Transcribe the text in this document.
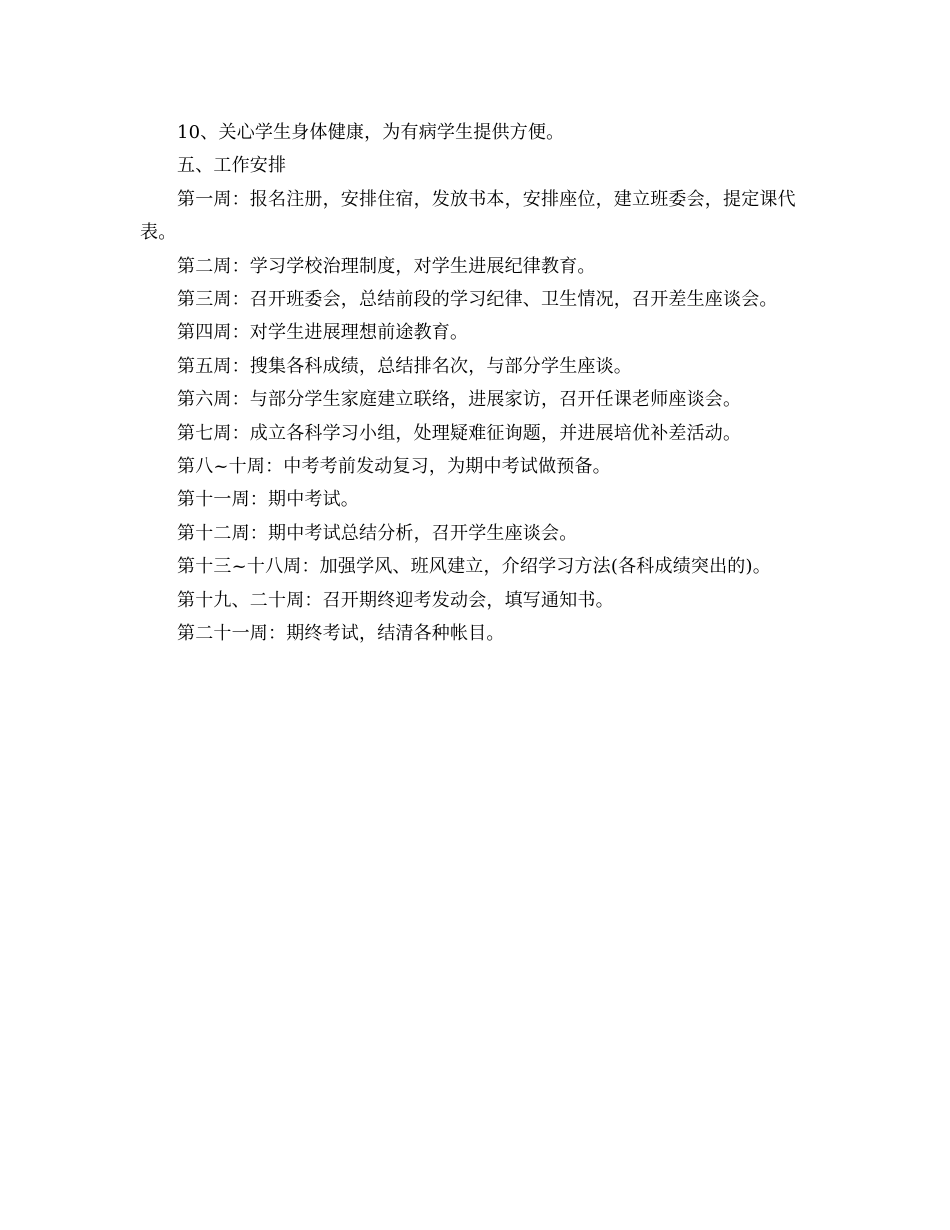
10、关心学生身体健康，为有病学生提供方便。

五、工作安排

第一周：报名注册，安排住宿，发放书本，安排座位，建立班委会，提定课代表。

第二周：学习学校治理制度，对学生进展纪律教育。

第三周：召开班委会，总结前段的学习纪律、卫生情况，召开差生座谈会。

第四周：对学生进展理想前途教育。

第五周：搜集各科成绩，总结排名次，与部分学生座谈。

第六周：与部分学生家庭建立联络，进展家访，召开任课老师座谈会。

第七周：成立各科学习小组，处理疑难征询题，并进展培优补差活动。

第八~十周：中考考前发动复习，为期中考试做预备。

第十一周：期中考试。

第十二周：期中考试总结分析，召开学生座谈会。

第十三~十八周：加强学风、班风建立，介绍学习方法(各科成绩突出的)。

第十九、二十周：召开期终迎考发动会，填写通知书。

第二十一周：期终考试，结清各种帐目。
